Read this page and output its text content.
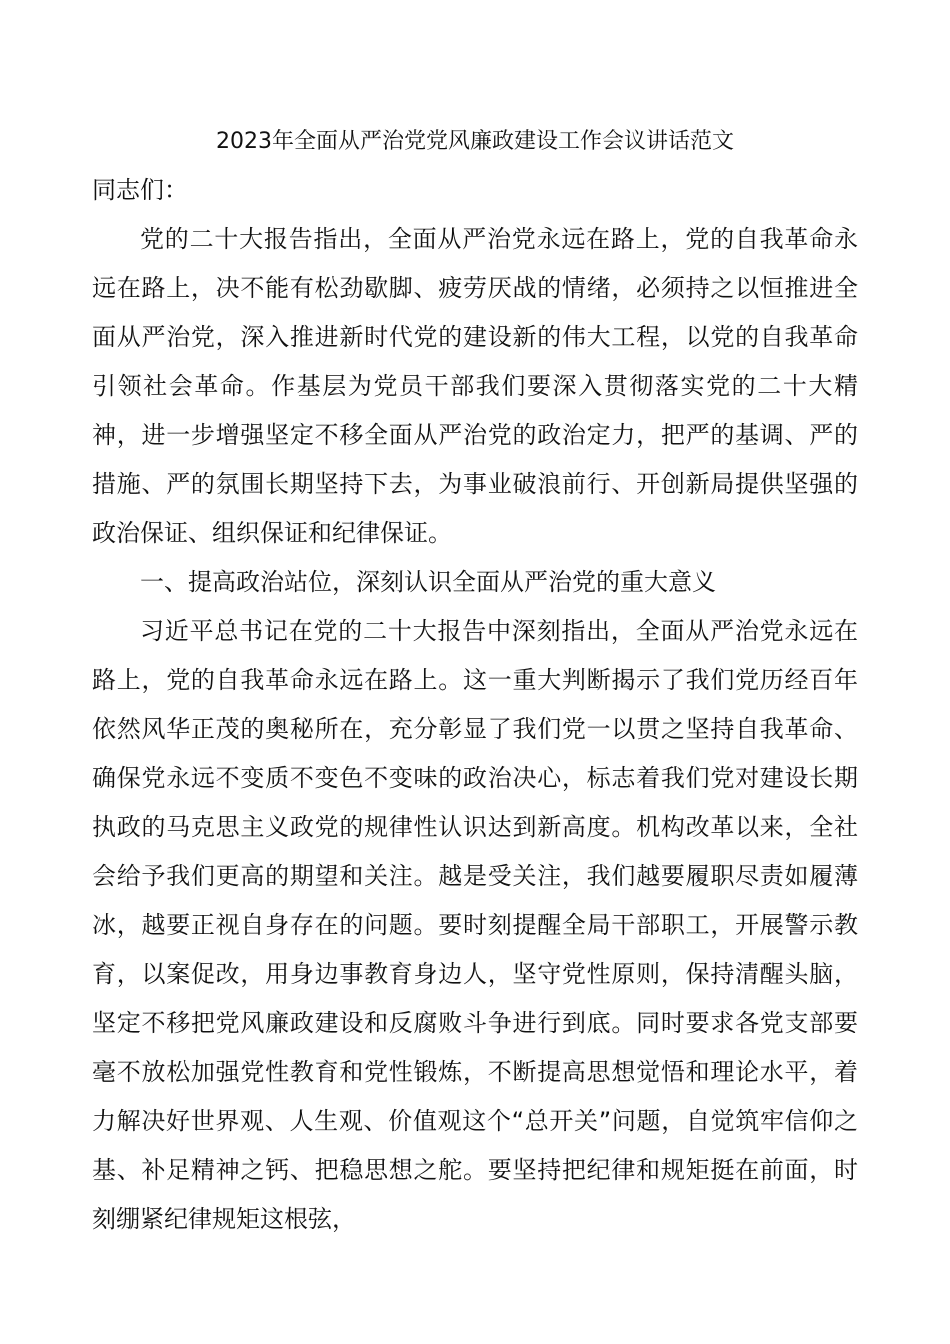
2023年全面从严治党党风廉政建设工作会议讲话范文
同志们：

党的二十大报告指出，全面从严治党永远在路上，党的自我革命永远在路上，决不能有松劲歇脚、疲劳厌战的情绪，必须持之以恒推进全面从严治党，深入推进新时代党的建设新的伟大工程，以党的自我革命引领社会革命。作基层为党员干部我们要深入贯彻落实党的二十大精神，进一步增强坚定不移全面从严治党的政治定力，把严的基调、严的措施、严的氛围长期坚持下去，为事业破浪前行、开创新局提供坚强的政治保证、组织保证和纪律保证。

一、提高政治站位，深刻认识全面从严治党的重大意义

习近平总书记在党的二十大报告中深刻指出，全面从严治党永远在路上，党的自我革命永远在路上。这一重大判断揭示了我们党历经百年依然风华正茂的奥秘所在，充分彰显了我们党一以贯之坚持自我革命、确保党永远不变质不变色不变味的政治决心，标志着我们党对建设长期执政的马克思主义政党的规律性认识达到新高度。机构改革以来，全社会给予我们更高的期望和关注。越是受关注，我们越要履职尽责如履薄冰，越要正视自身存在的问题。要时刻提醒全局干部职工，开展警示教育，以案促改，用身边事教育身边人，坚守党性原则，保持清醒头脑，坚定不移把党风廉政建设和反腐败斗争进行到底。同时要求各党支部要毫不放松加强党性教育和党性锻炼，不断提高思想觉悟和理论水平，着力解决好世界观、人生观、价值观这个“总开关”问题，自觉筑牢信仰之基、补足精神之钙、把稳思想之舵。要坚持把纪律和规矩挺在前面，时刻绷紧纪律规矩这根弦，
